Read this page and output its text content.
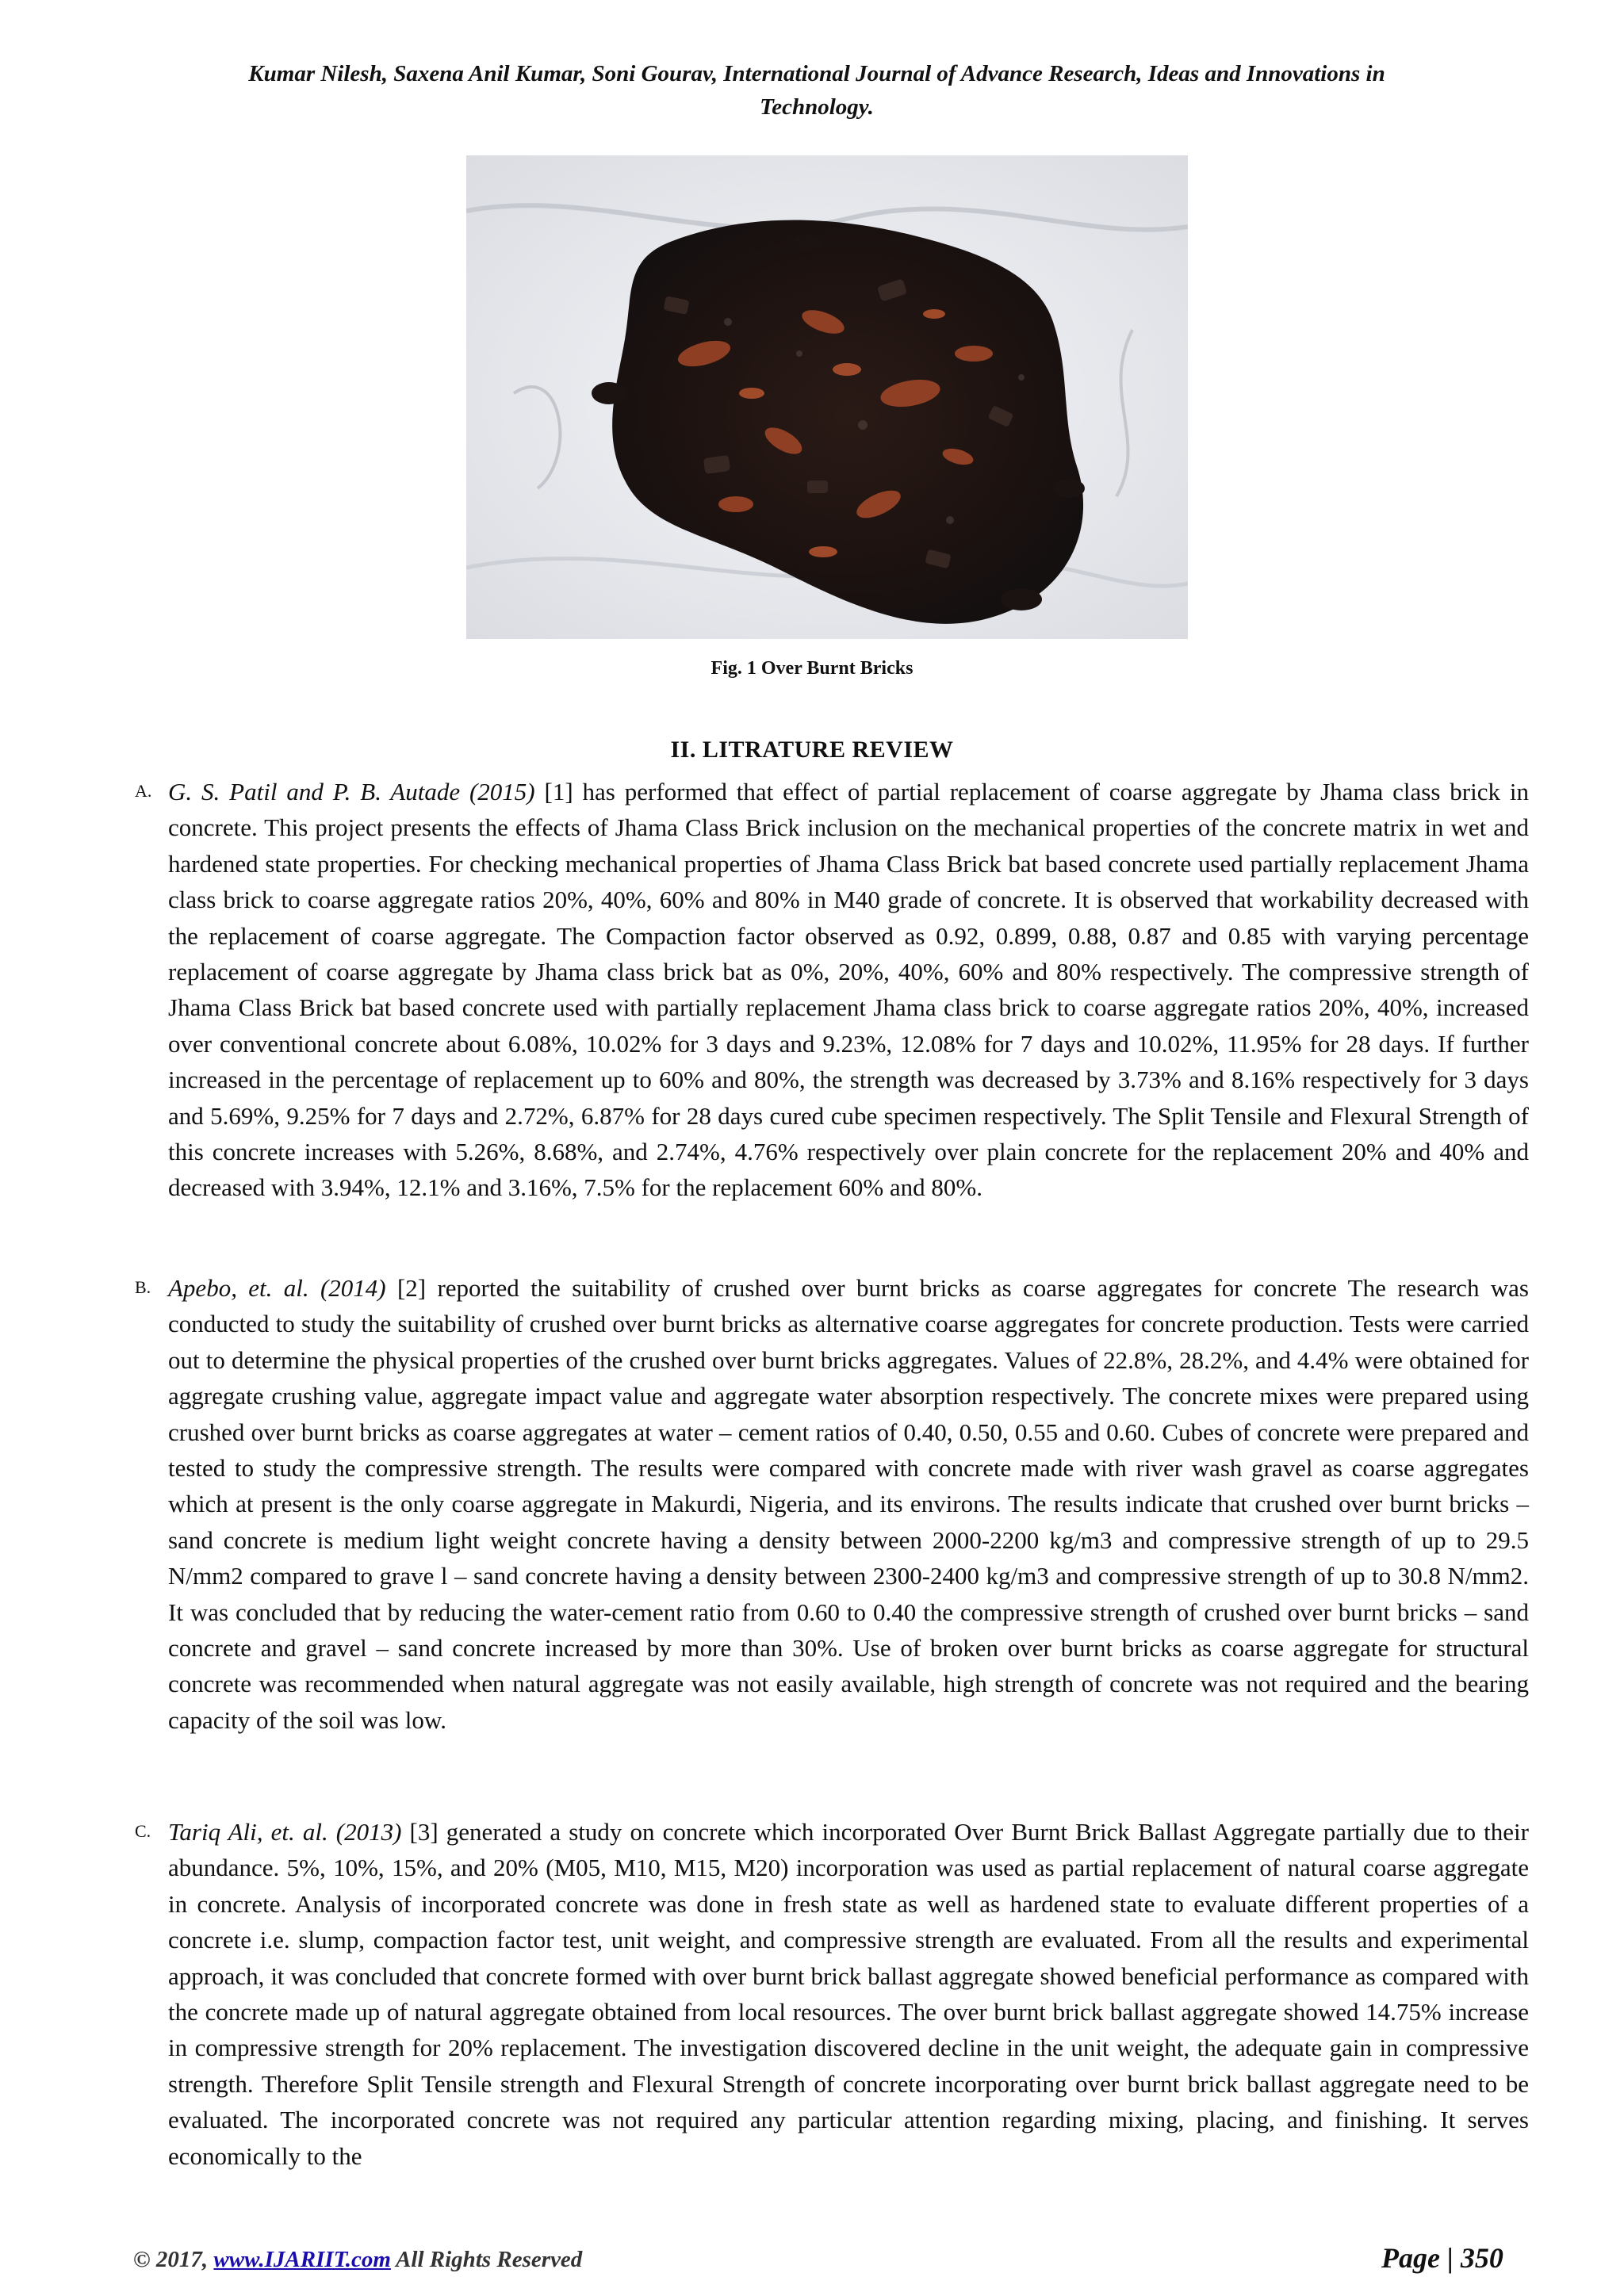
Kumar Nilesh, Saxena Anil Kumar, Soni Gourav, International Journal of Advance Research, Ideas and Innovations in
Technology.
Fig. 1 Over Burnt Bricks
II. LITRATURE REVIEW
A. G. S. Patil and P. B. Autade (2015) [1] has performed that effect of partial replacement of coarse aggregate by Jhama class brick in concrete. This project presents the effects of Jhama Class Brick inclusion on the mechanical properties of the concrete matrix in wet and hardened state properties. For checking mechanical properties of Jhama Class Brick bat based concrete used partially replacement Jhama class brick to coarse aggregate ratios 20%, 40%, 60% and 80% in M40 grade of concrete. It is observed that workability decreased with the replacement of coarse aggregate. The Compaction factor observed as 0.92, 0.899, 0.88, 0.87 and 0.85 with varying percentage replacement of coarse aggregate by Jhama class brick bat as 0%, 20%, 40%, 60% and 80% respectively. The compressive strength of Jhama Class Brick bat based concrete used with partially replacement Jhama class brick to coarse aggregate ratios 20%, 40%, increased over conventional concrete about 6.08%, 10.02% for 3 days and 9.23%, 12.08% for 7 days and 10.02%, 11.95% for 28 days. If further increased in the percentage of replacement up to 60% and 80%, the strength was decreased by 3.73% and 8.16% respectively for 3 days and 5.69%, 9.25% for 7 days and 2.72%, 6.87% for 28 days cured cube specimen respectively. The Split Tensile and Flexural Strength of this concrete increases with 5.26%, 8.68%, and 2.74%, 4.76% respectively over plain concrete for the replacement 20% and 40% and decreased with 3.94%, 12.1% and 3.16%, 7.5% for the replacement 60% and 80%.

B. Apebo, et. al. (2014) [2] reported the suitability of crushed over burnt bricks as coarse aggregates for concrete The research was conducted to study the suitability of crushed over burnt bricks as alternative coarse aggregates for concrete production. Tests were carried out to determine the physical properties of the crushed over burnt bricks aggregates. Values of 22.8%, 28.2%, and 4.4% were obtained for aggregate crushing value, aggregate impact value and aggregate water absorption respectively. The concrete mixes were prepared using crushed over burnt bricks as coarse aggregates at water – cement ratios of 0.40, 0.50, 0.55 and 0.60. Cubes of concrete were prepared and tested to study the compressive strength. The results were compared with concrete made with river wash gravel as coarse aggregates which at present is the only coarse aggregate in Makurdi, Nigeria, and its environs. The results indicate that crushed over burnt bricks – sand concrete is medium light weight concrete having a density between 2000-2200 kg/m3 and compressive strength of up to 29.5 N/mm2 compared to grave l – sand concrete having a density between 2300-2400 kg/m3 and compressive strength of up to 30.8 N/mm2. It was concluded that by reducing the water-cement ratio from 0.60 to 0.40 the compressive strength of crushed over burnt bricks – sand concrete and gravel – sand concrete increased by more than 30%. Use of broken over burnt bricks as coarse aggregate for structural concrete was recommended when natural aggregate was not easily available, high strength of concrete was not required and the bearing capacity of the soil was low.

C. Tariq Ali, et. al. (2013) [3] generated a study on concrete which incorporated Over Burnt Brick Ballast Aggregate partially due to their abundance. 5%, 10%, 15%, and 20% (M05, M10, M15, M20) incorporation was used as partial replacement of natural coarse aggregate in concrete. Analysis of incorporated concrete was done in fresh state as well as hardened state to evaluate different properties of a concrete i.e. slump, compaction factor test, unit weight, and compressive strength are evaluated. From all the results and experimental approach, it was concluded that concrete formed with over burnt brick ballast aggregate showed beneficial performance as compared with the concrete made up of natural aggregate obtained from local resources. The over burnt brick ballast aggregate showed 14.75% increase in compressive strength for 20% replacement. The investigation discovered decline in the unit weight, the adequate gain in compressive strength. Therefore Split Tensile strength and Flexural Strength of concrete incorporating over burnt brick ballast aggregate need to be evaluated. The incorporated concrete was not required any particular attention regarding mixing, placing, and finishing. It serves economically to the

© 2017, www.IJARIIT.com All Rights Reserved	Page | 350
